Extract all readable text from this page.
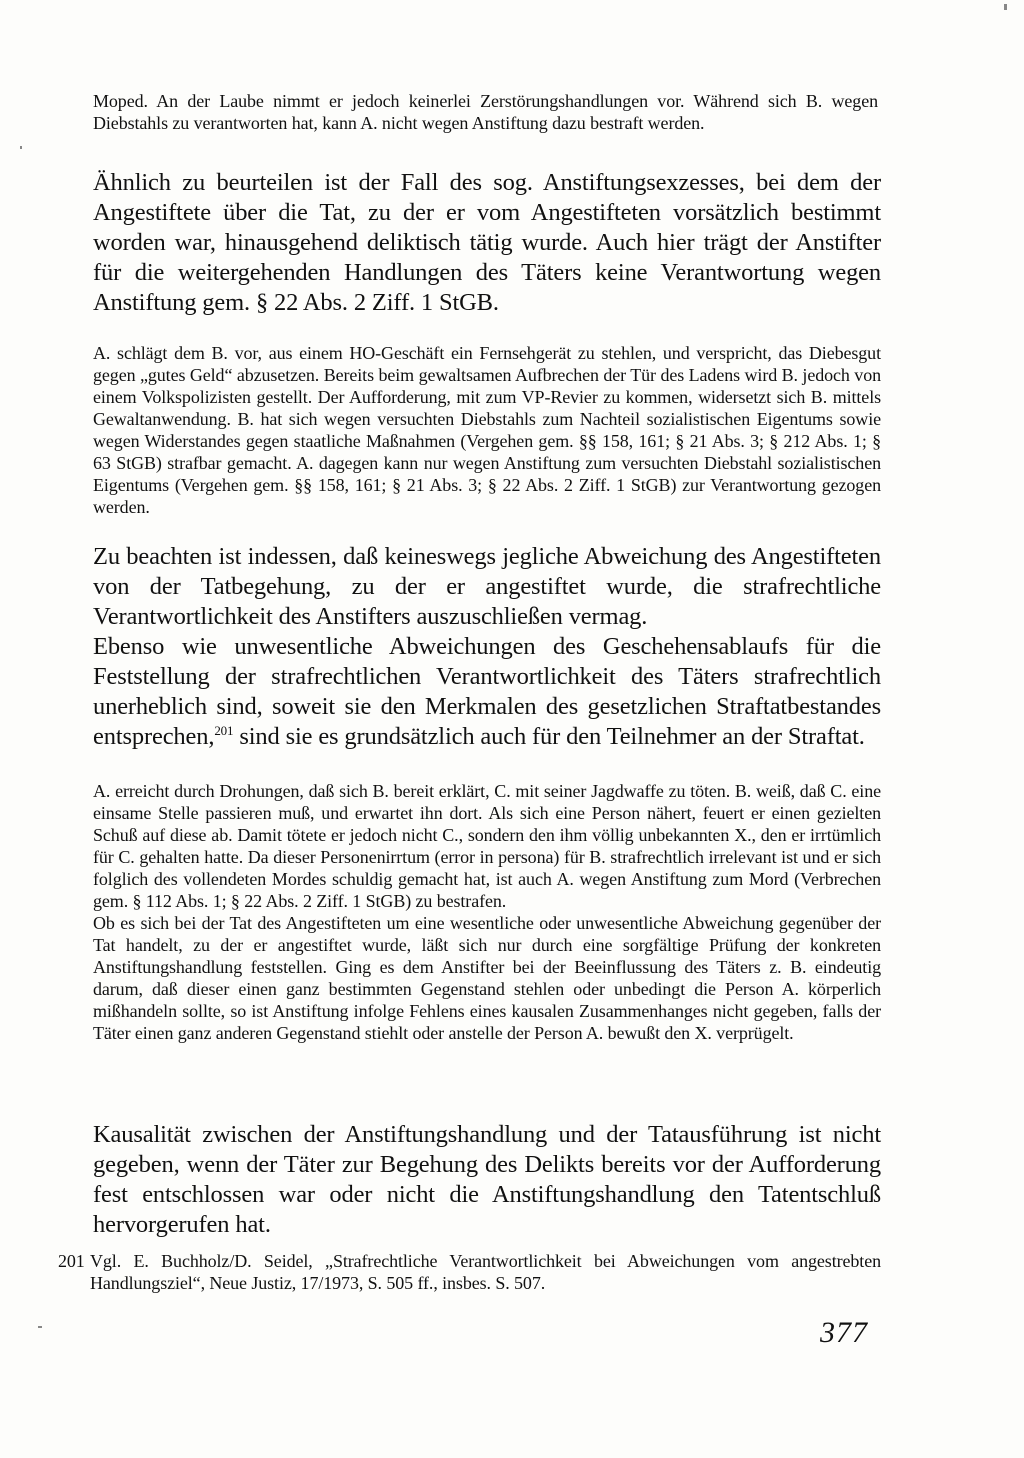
Moped. An der Laube nimmt er jedoch keinerlei Zerstörungshandlungen vor. Während sich B. wegen Diebstahls zu verantworten hat, kann A. nicht wegen Anstiftung dazu bestraft werden.

Ähnlich zu beurteilen ist der Fall des sog. Anstiftungsexzesses, bei dem der Angestiftete über die Tat, zu der er vom Angestifteten vorsätzlich bestimmt worden war, hinausgehend deliktisch tätig wurde. Auch hier trägt der Anstifter für die weitergehenden Handlungen des Täters keine Verantwortung wegen Anstiftung gem. § 22 Abs. 2 Ziff. 1 StGB.

A. schlägt dem B. vor, aus einem HO-Geschäft ein Fernsehgerät zu stehlen, und verspricht, das Diebesgut gegen „gutes Geld“ abzusetzen. Bereits beim gewaltsamen Aufbrechen der Tür des Ladens wird B. jedoch von einem Volkspolizisten gestellt. Der Aufforderung, mit zum VP-Revier zu kommen, widersetzt sich B. mittels Gewaltanwendung. B. hat sich wegen versuchten Diebstahls zum Nachteil sozialistischen Eigentums sowie wegen Widerstandes gegen staatliche Maßnahmen (Vergehen gem. §§ 158, 161; § 21 Abs. 3; § 212 Abs. 1; § 63 StGB) strafbar gemacht. A. dagegen kann nur wegen Anstiftung zum versuchten Diebstahl sozialistischen Eigentums (Vergehen gem. §§ 158, 161; § 21 Abs. 3; § 22 Abs. 2 Ziff. 1 StGB) zur Verantwortung gezogen werden.

Zu beachten ist indessen, daß keineswegs jegliche Abweichung des Angestifteten von der Tatbegehung, zu der er angestiftet wurde, die strafrechtliche Verantwortlichkeit des Anstifters auszuschließen vermag.

Ebenso wie unwesentliche Abweichungen des Geschehensablaufs für die Feststellung der strafrechtlichen Verantwortlichkeit des Täters strafrechtlich unerheblich sind, soweit sie den Merkmalen des gesetzlichen Straftatbestandes entsprechen,$^{201}$ sind sie es grundsätzlich auch für den Teilnehmer an der Straftat.

A. erreicht durch Drohungen, daß sich B. bereit erklärt, C. mit seiner Jagdwaffe zu töten. B. weiß, daß C. eine einsame Stelle passieren muß, und erwartet ihn dort. Als sich eine Person nähert, feuert er einen gezielten Schuß auf diese ab. Damit tötete er jedoch nicht C., sondern den ihm völlig unbekannten X., den er irrtümlich für C. gehalten hatte. Da dieser Personenirrtum (error in persona) für B. strafrechtlich irrelevant ist und er sich folglich des vollendeten Mordes schuldig gemacht hat, ist auch A. wegen Anstiftung zum Mord (Verbrechen gem. § 112 Abs. 1; § 22 Abs. 2 Ziff. 1 StGB) zu bestrafen.

Ob es sich bei der Tat des Angestifteten um eine wesentliche oder unwesentliche Abweichung gegenüber der Tat handelt, zu der er angestiftet wurde, läßt sich nur durch eine sorgfältige Prüfung der konkreten Anstiftungshandlung feststellen. Ging es dem Anstifter bei der Beeinflussung des Täters z. B. eindeutig darum, daß dieser einen ganz bestimmten Gegenstand stehlen oder unbedingt die Person A. körperlich mißhandeln sollte, so ist Anstiftung infolge Fehlens eines kausalen Zusammenhanges nicht gegeben, falls der Täter einen ganz anderen Gegenstand stiehlt oder anstelle der Person A. bewußt den X. verprügelt.

Kausalität zwischen der Anstiftungshandlung und der Tatausführung ist nicht gegeben, wenn der Täter zur Begehung des Delikts bereits vor der Aufforderung fest entschlossen war oder nicht die Anstiftungshandlung den Tatentschluß hervorgerufen hat.

201 Vgl. E. Buchholz/D. Seidel, „Strafrechtliche Verantwortlichkeit bei Abweichungen vom angestrebten Handlungsziel“, Neue Justiz, 17/1973, S. 505 ff., insbes. S. 507.
377
